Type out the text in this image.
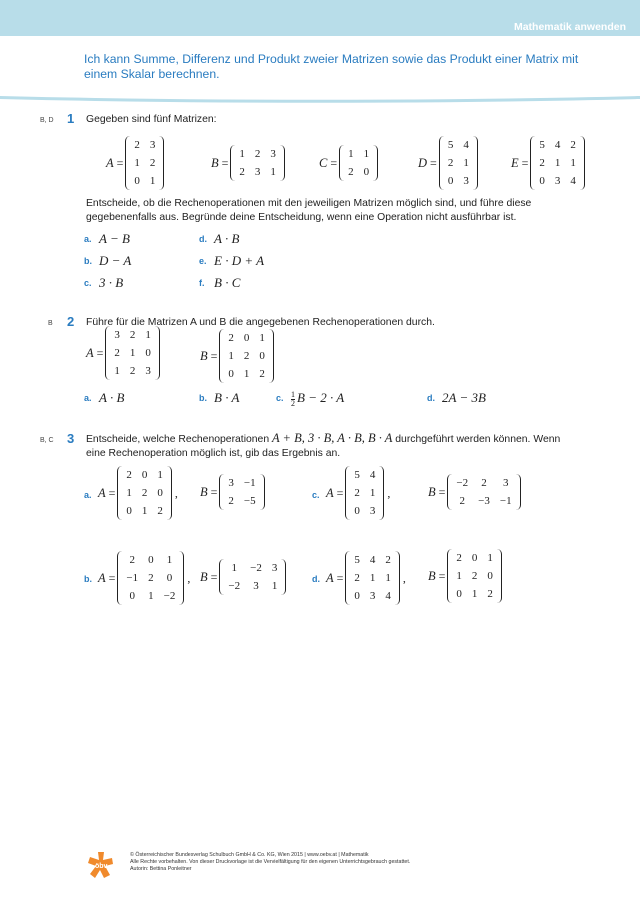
Mathematik anwenden
Ich kann Summe, Differenz und Produkt zweier Matrizen sowie das Produkt einer Matrix mit einem Skalar berechnen.
B, D 1 Gegeben sind fünf Matrizen:
A =
2	3
1	2
0	1
B =
1	2	3
2	3	1
C =
1	1
2	0
D =
5	4
2	1
0	3
E =
5	4	2
2	1	1
0	3	4
Entscheide, ob die Rechenoperationen mit den jeweiligen Matrizen möglich sind, und führe diese gegebenenfalls aus. Begründe deine Entscheidung, wenn eine Operation nicht ausführbar ist.
a. A − B
b. D − A
c. 3 · B
d. A · B
e. E · D + A
f. B · C
B 2 Führe für die Matrizen A und B die angegebenen Rechenoperationen durch.
A =
3	2	1
2	1	0
1	2	3
B =
2	0	1
1	2	0
0	1	2
a. A · B	b. B · A	c. $\frac{1}{2}$ B − 2 · A	d. 2A − 3B
B, C 3 Entscheide, welche Rechenoperationen A + B, 3 · B, A · B, B · A durchgeführt werden können. Wenn
eine Rechenoperation möglich ist, gib das Ergebnis an.
a. A =
2	0	1
1	2	0
0	1	2
, B =
3	−1
2	−5
b. A =
2	0	1
−1	2	0
0	1	−2
, B =
1	−2	3
−2	3	1
c. A =
5	4
2	1
0	3
,	B =
−2	2	3
2	−3	−1
d. A =
5	4	2
2	1	1
0	3	4
, B =
2	0	1
1	2	0
0	1	2
öbv
© Österreichischer Bundesverlag Schulbuch GmbH & Co. KG, Wien 2015 | www.oebv.at | Mathematik
Alle Rechte vorbehalten. Von dieser Druckvorlage ist die Vervielfältigung für den eigenen Unterrichtsgebrauch gestattet.
Autorin: Bettina Ponleitner
